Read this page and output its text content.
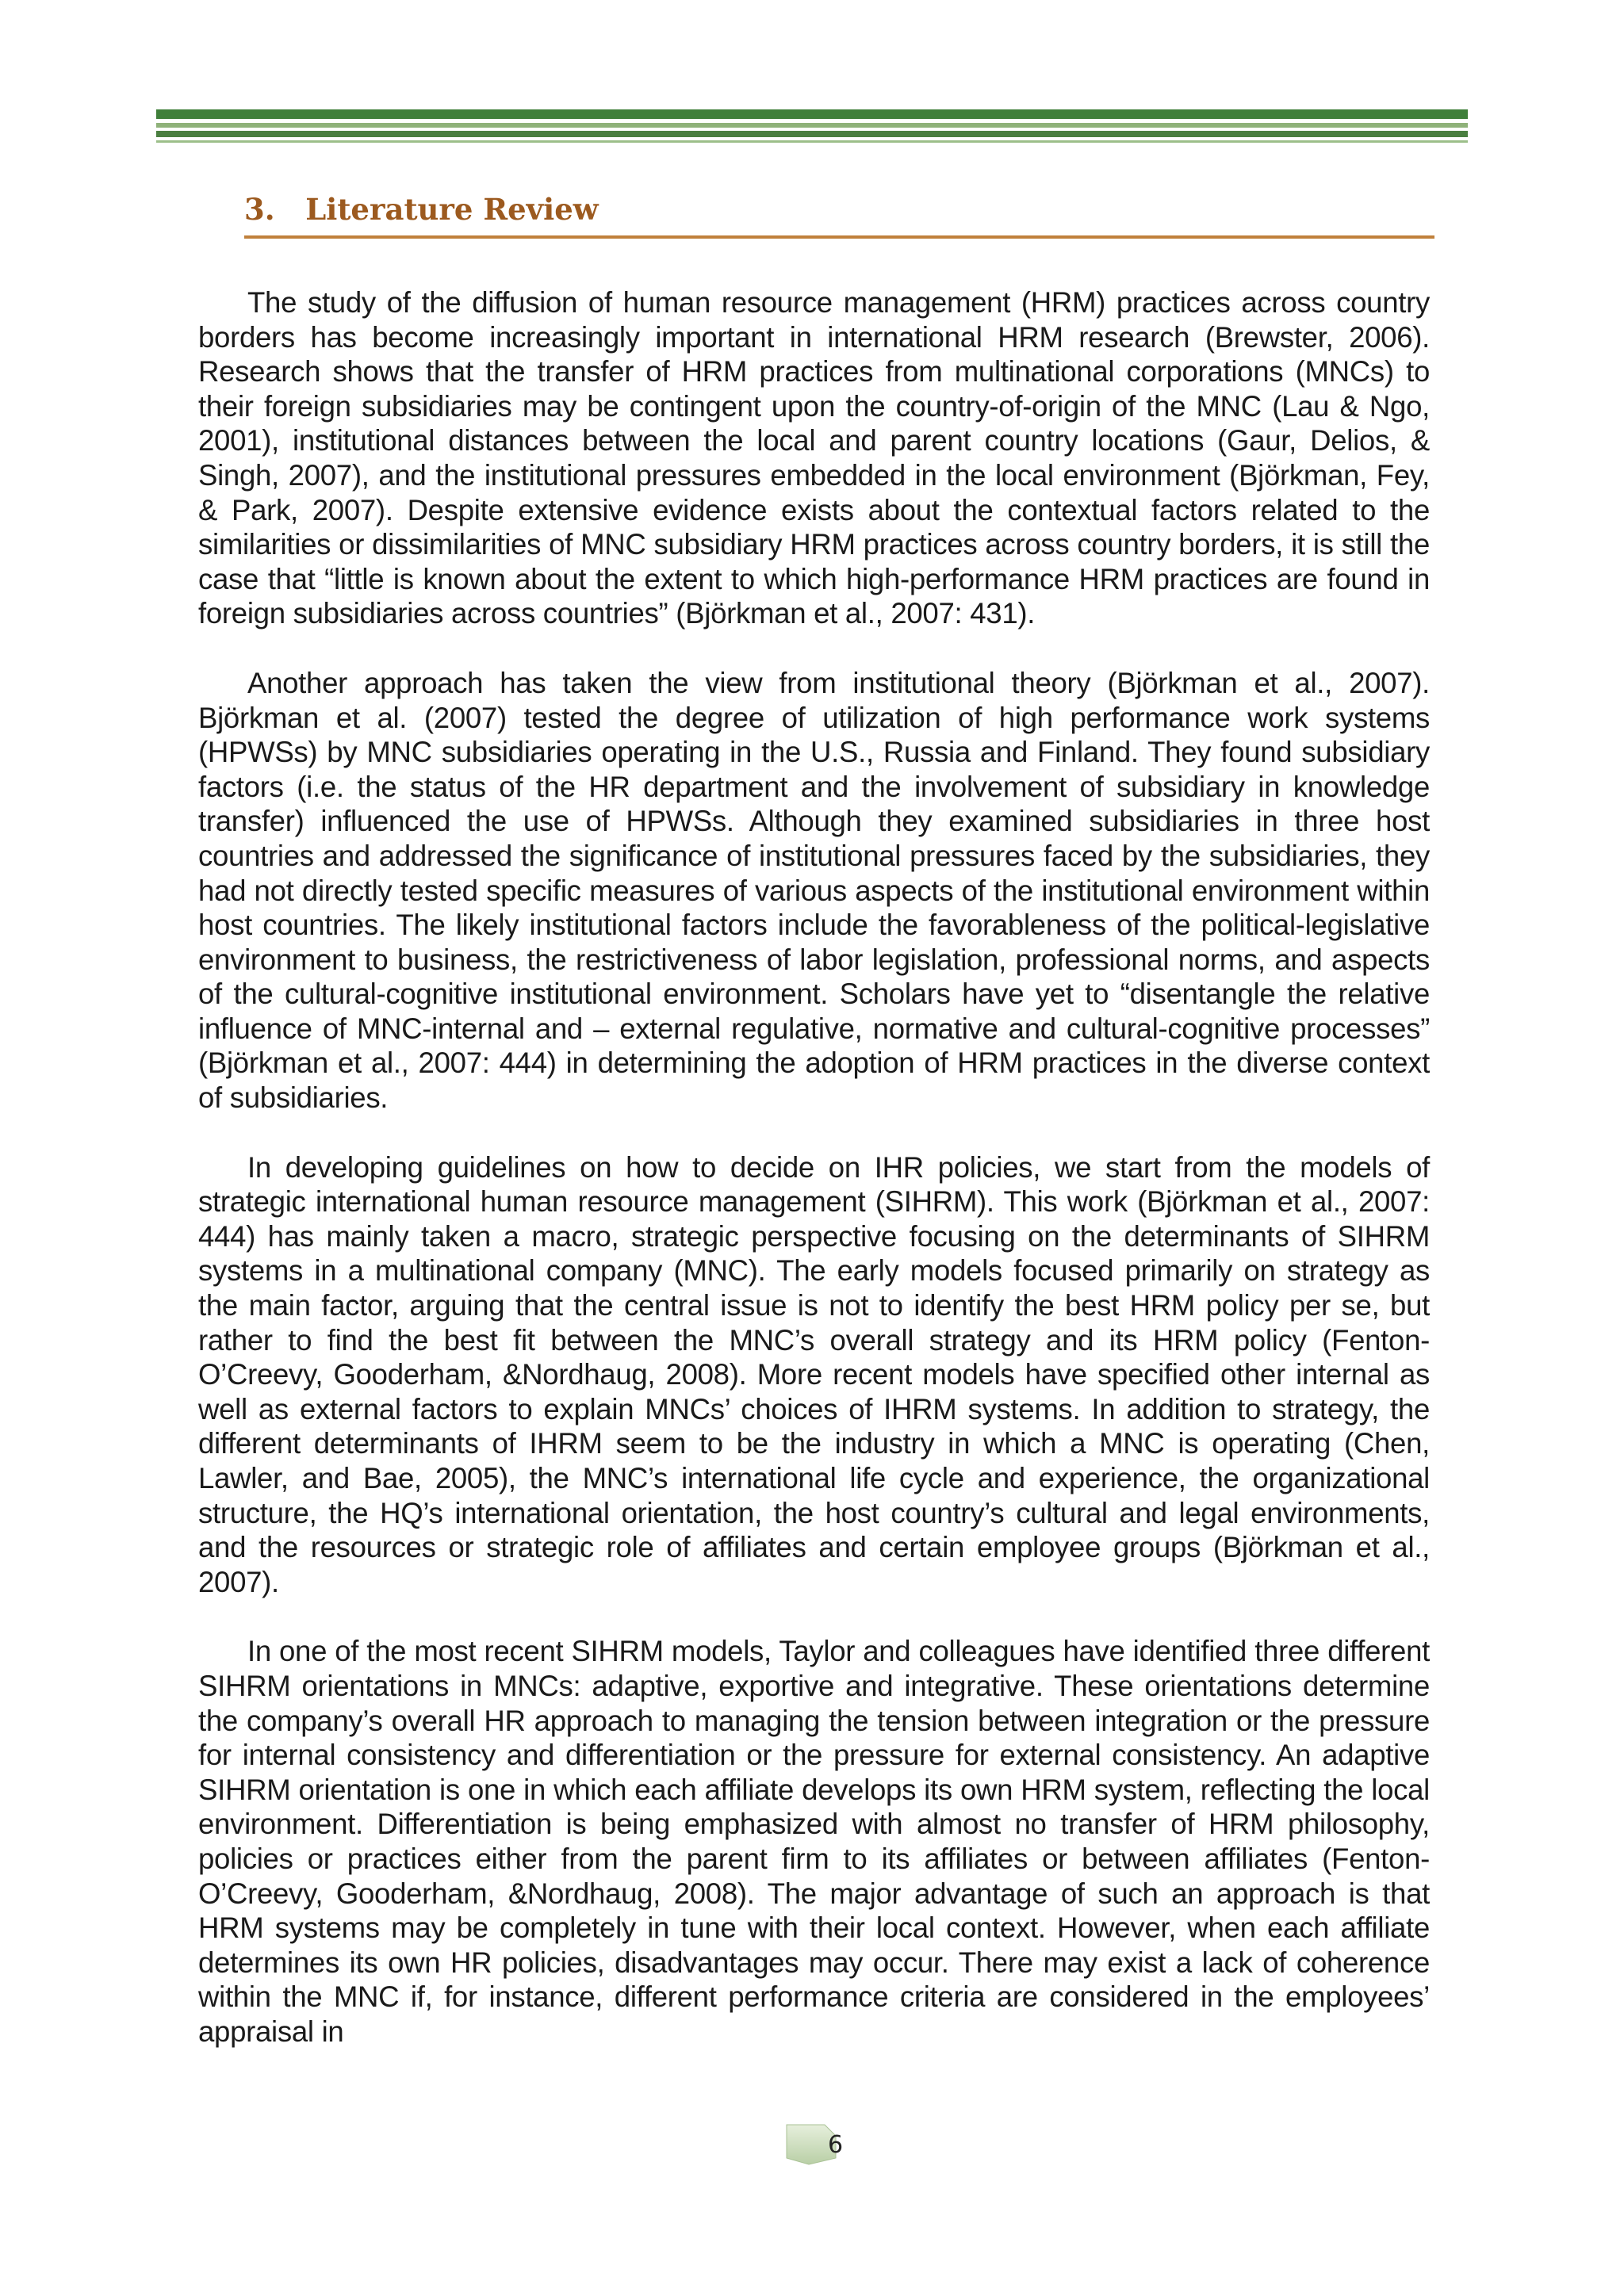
3.   Literature Review

The study of the diffusion of human resource management (HRM) practices across country borders has become increasingly important in international HRM research (Brewster, 2006). Research shows that the transfer of HRM practices from multinational corporations (MNCs) to their foreign subsidiaries may be contingent upon the country-of-origin of the MNC (Lau & Ngo, 2001), institutional distances between the local and parent country locations (Gaur, Delios, & Singh, 2007), and the institutional pressures embedded in the local environment (Björkman, Fey, & Park, 2007). Despite extensive evidence exists about the contextual factors related to the similarities or dissimilarities of MNC subsidiary HRM practices across country borders, it is still the case that “little is known about the extent to which high-performance HRM practices are found in foreign subsidiaries across countries” (Björkman et al., 2007: 431).

Another approach has taken the view from institutional theory (Björkman et al., 2007). Björkman et al. (2007) tested the degree of utilization of high performance work systems (HPWSs) by MNC subsidiaries operating in the U.S., Russia and Finland. They found subsidiary factors (i.e. the status of the HR department and the involvement of subsidiary in knowledge transfer) influenced the use of HPWSs. Although they examined subsidiaries in three host countries and addressed the significance of institutional pressures faced by the subsidiaries, they had not directly tested specific measures of various aspects of the institutional environment within host countries. The likely institutional factors include the favorableness of the political-legislative environment to business, the restrictiveness of labor legislation, professional norms, and aspects of the cultural-cognitive institutional environment. Scholars have yet to “disentangle the relative influence of MNC-internal and – external regulative, normative and cultural-cognitive processes” (Björkman et al., 2007: 444) in determining the adoption of HRM practices in the diverse context of subsidiaries.

In developing guidelines on how to decide on IHR policies, we start from the models of strategic international human resource management (SIHRM). This work (Björkman et al., 2007: 444) has mainly taken a macro, strategic perspective focusing on the determinants of SIHRM systems in a multinational company (MNC). The early models focused primarily on strategy as the main factor, arguing that the central issue is not to identify the best HRM policy per se, but rather to find the best fit between the MNC’s overall strategy and its HRM policy (Fenton-O’Creevy, Gooderham, &Nordhaug, 2008). More recent models have specified other internal as well as external factors to explain MNCs’ choices of IHRM systems. In addition to strategy, the different determinants of IHRM seem to be the industry in which a MNC is operating (Chen, Lawler, and Bae, 2005), the MNC’s international life cycle and experience, the organizational structure, the HQ’s international orientation, the host country’s cultural and legal environments, and the resources or strategic role of affiliates and certain employee groups (Björkman et al., 2007).

In one of the most recent SIHRM models, Taylor and colleagues have identified three different SIHRM orientations in MNCs: adaptive, exportive and integrative. These orientations determine the company’s overall HR approach to managing the tension between integration or the pressure for internal consistency and differentiation or the pressure for external consistency. An adaptive SIHRM orientation is one in which each affiliate develops its own HRM system, reflecting the local environment. Differentiation is being emphasized with almost no transfer of HRM philosophy, policies or practices either from the parent firm to its affiliates or between affiliates (Fenton-O’Creevy, Gooderham, &Nordhaug, 2008). The major advantage of such an approach is that HRM systems may be completely in tune with their local context. However, when each affiliate determines its own HR policies, disadvantages may occur. There may exist a lack of coherence within the MNC if, for instance, different performance criteria are considered in the employees’ appraisal in

6
